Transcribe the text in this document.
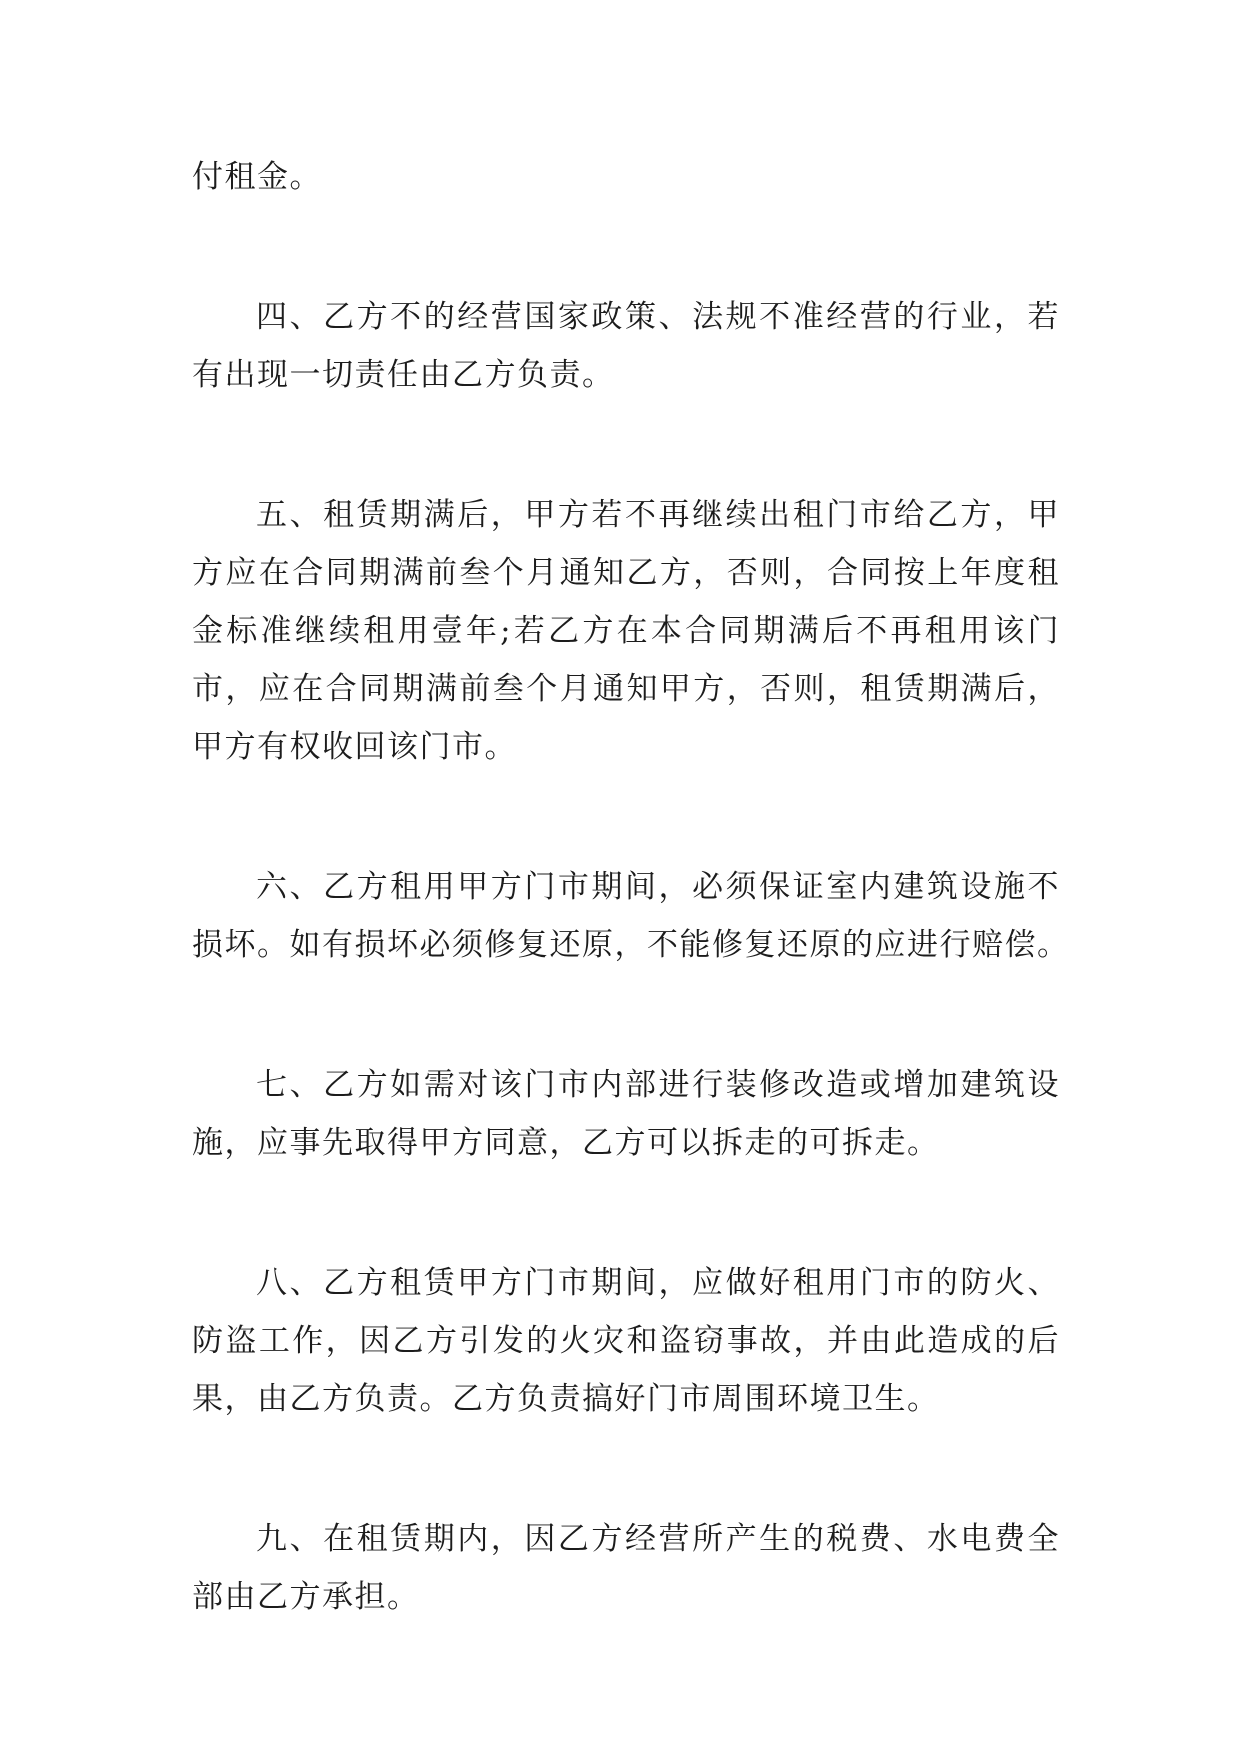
付租金。
四、乙方不的经营国家政策、法规不准经营的行业，若
有出现一切责任由乙方负责。
五、租赁期满后，甲方若不再继续出租门市给乙方，甲
方应在合同期满前叁个月通知乙方，否则，合同按上年度租
金标准继续租用壹年;若乙方在本合同期满后不再租用该门
市，应在合同期满前叁个月通知甲方，否则，租赁期满后，
甲方有权收回该门市。
六、乙方租用甲方门市期间，必须保证室内建筑设施不
损坏。如有损坏必须修复还原，不能修复还原的应进行赔偿。
七、乙方如需对该门市内部进行装修改造或增加建筑设
施，应事先取得甲方同意，乙方可以拆走的可拆走。
八、乙方租赁甲方门市期间，应做好租用门市的防火、
防盗工作，因乙方引发的火灾和盗窃事故，并由此造成的后
果，由乙方负责。乙方负责搞好门市周围环境卫生。
九、在租赁期内，因乙方经营所产生的税费、水电费全
部由乙方承担。
